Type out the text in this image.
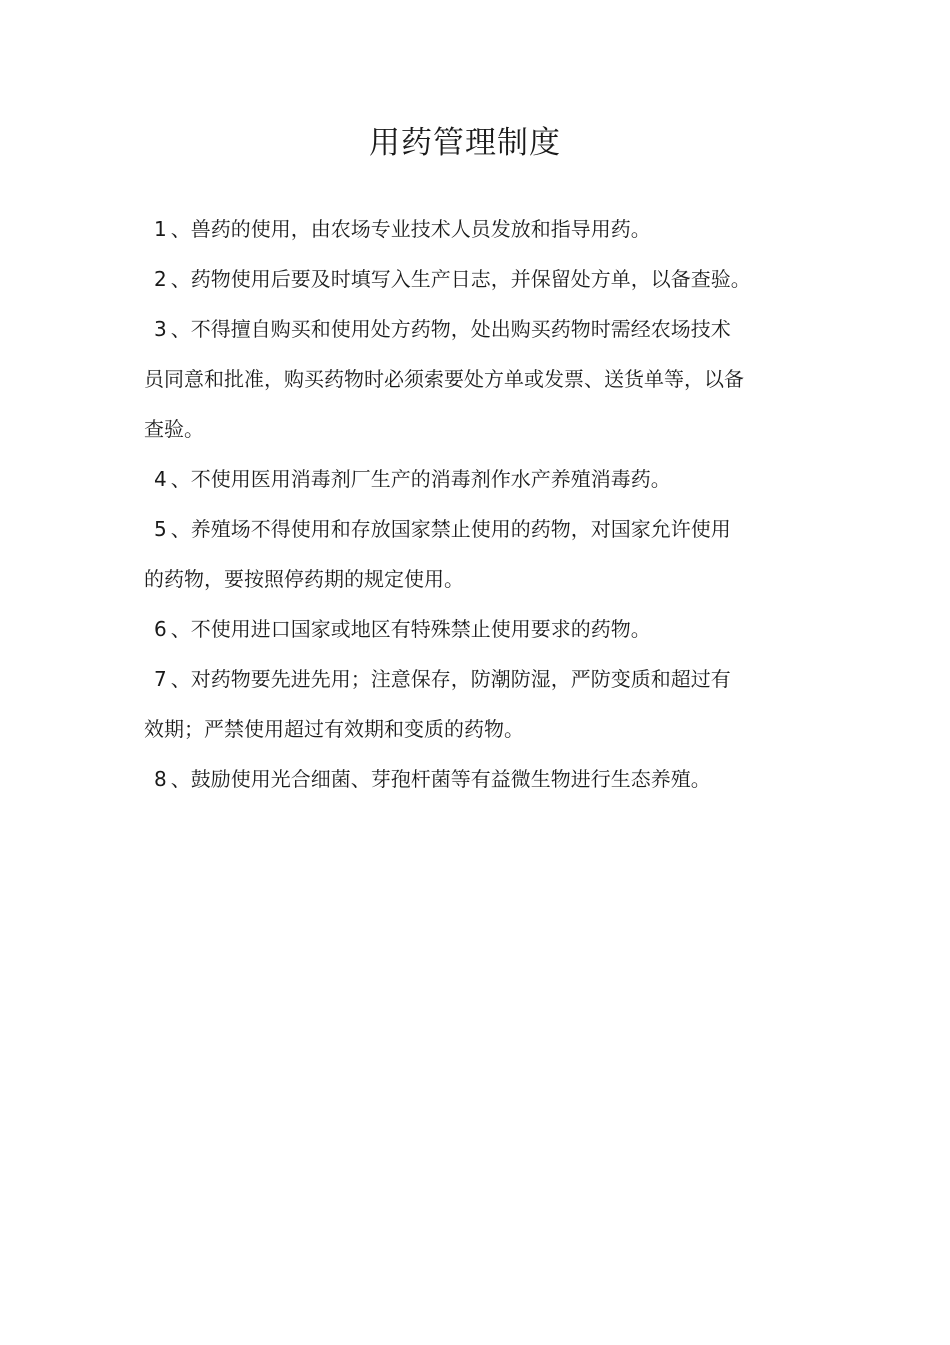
用药管理制度
1 、兽药的使用，由农场专业技术人员发放和指导用药。
2 、药物使用后要及时填写入生产日志，并保留处方单，以备查验。
3 、不得擅自购买和使用处方药物，处出购买药物时需经农场技术
员同意和批准，购买药物时必须索要处方单或发票、送货单等，以备
查验。
4 、不使用医用消毒剂厂生产的消毒剂作水产养殖消毒药。
5 、养殖场不得使用和存放国家禁止使用的药物，对国家允许使用
的药物，要按照停药期的规定使用。
6 、不使用进口国家或地区有特殊禁止使用要求的药物。
7 、对药物要先进先用；注意保存，防潮防湿，严防变质和超过有
效期；严禁使用超过有效期和变质的药物。
8 、鼓励使用光合细菌、芽孢杆菌等有益微生物进行生态养殖。
